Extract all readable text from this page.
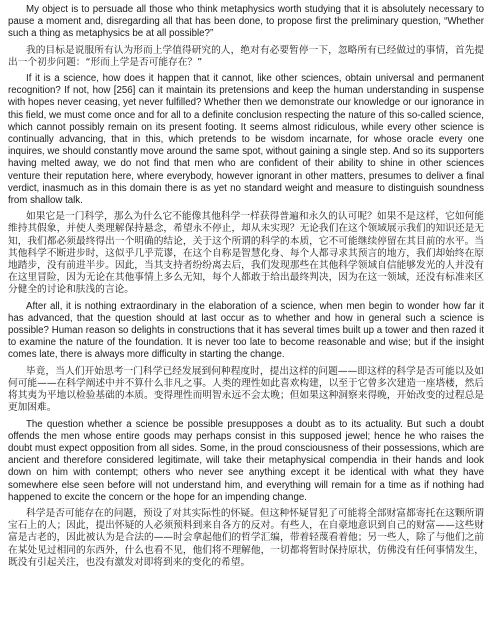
My object is to persuade all those who think metaphysics worth studying that it is absolutely necessary to pause a moment and, disregarding all that has been done, to propose first the preliminary question, “Whether such a thing as metaphysics be at all possible?”

我的目标是说服所有认为形而上学值得研究的人，绝对有必要暂停一下，忽略所有已经做过的事情，首先提出一个初步问题：“形而上学是否可能存在？”

If it is a science, how does it happen that it cannot, like other sciences, obtain universal and permanent recognition? If not, how [256] can it maintain its pretensions and keep the human understanding in suspense with hopes never ceasing, yet never fulfilled? Whether then we demonstrate our knowledge or our ignorance in this field, we must come once and for all to a definite conclusion respecting the nature of this so-called science, which cannot possibly remain on its present footing. It seems almost ridiculous, while every other science is continually advancing, that in this, which pretends to be wisdom incarnate, for whose oracle every one inquires, we should constantly move around the same spot, without gaining a single step. And so its supporters having melted away, we do not find that men who are confident of their ability to shine in other sciences venture their reputation here, where everybody, however ignorant in other matters, presumes to deliver a final verdict, inasmuch as in this domain there is as yet no standard weight and measure to distinguish soundness from shallow talk.

如果它是一门科学，那么为什么它不能像其他科学一样获得普遍和永久的认可呢？如果不是这样，它如何能维持其假象，并使人类理解保持悬念，希望永不停止，却从未实现？无论我们在这个领域展示我们的知识还是无知，我们都必须最终得出一个明确的结论，关于这个所谓的科学的本质，它不可能继续停留在其目前的水平。当其他科学不断进步时，这似乎几乎荒谬，在这个自称是智慧化身、每个人都寻求其预言的地方，我们却始终在原地踏步，没有前进半步。因此，当其支持者纷纷离去后，我们发现那些在其他科学领域自信能够发光的人并没有在这里冒险，因为无论在其他事情上多么无知，每个人都敢于给出最终判决，因为在这一领域，还没有标准来区分健全的讨论和肤浅的言论。

After all, it is nothing extraordinary in the elaboration of a science, when men begin to wonder how far it has advanced, that the question should at last occur as to whether and how in general such a science is possible? Human reason so delights in constructions that it has several times built up a tower and then razed it to examine the nature of the foundation. It is never too late to become reasonable and wise; but if the insight comes late, there is always more difficulty in starting the change.

毕竟，当人们开始思考一门科学已经发展到何种程度时，提出这样的问题——即这样的科学是否可能以及如何可能——在科学阐述中并不算什么非凡之事。人类的理性如此喜欢构建，以至于它曾多次建造一座塔楼，然后将其夷为平地以检验基础的本质。变得理性而明智永远不会太晚；但如果这种洞察来得晚，开始改变的过程总是更加困难。

The question whether a science be possible presupposes a doubt as to its actuality. But such a doubt offends the men whose entire goods may perhaps consist in this supposed jewel; hence he who raises the doubt must expect opposition from all sides. Some, in the proud consciousness of their possessions, which are ancient and therefore considered legitimate, will take their metaphysical compendia in their hands and look down on him with contempt; others who never see anything except it be identical with what they have somewhere else seen before will not understand him, and everything will remain for a time as if nothing had happened to excite the concern or the hope for an impending change.

科学是否可能存在的问题，预设了对其实际性的怀疑。但这种怀疑冒犯了可能将全部财富都寄托在这颗所谓宝石上的人；因此，提出怀疑的人必须预料到来自各方的反对。有些人，在自豪地意识到自己的财富——这些财富是古老的，因此被认为是合法的——时会拿起他们的哲学汇编，带着轻蔑看着他；另一些人，除了与他们之前在某处见过相同的东西外，什么也看不见，他们将不理解他，一切都将暂时保持原状，仿佛没有任何事情发生，既没有引起关注，也没有激发对即将到来的变化的希望。
